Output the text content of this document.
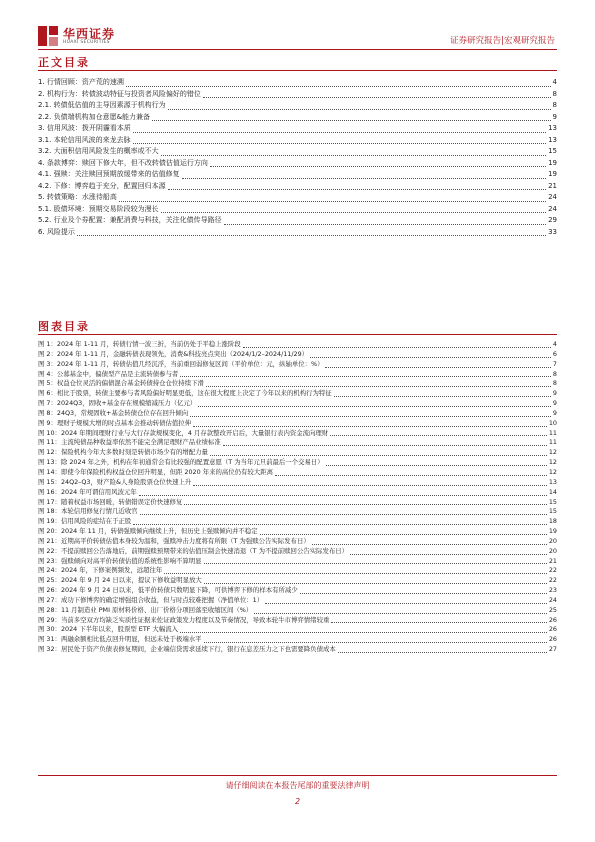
华西证券
HUAXI SECURITIES	证券研究报告|宏观研究报告
正文目录
1. 行情回顾：资产荒的速溯	4
2. 机构行为：转债波动特征与投资者风险偏好的错位	8
2.1. 转债低估值的主导因素源于机构行为	8
2.2. 负债端机构加仓意愿&能力兼备	9
3. 信用风波：拨开阴霾看本质	13
3.1. 本轮信用风波的来龙去脉	13
3.2. 大面积信用风险发生的概率或不大	15
4. 条款博弈：赎回下修大年，但不改转债估值运行方向	19
4.1. 强赎：关注赎回预期放缓带来的估值修复	19
4.2. 下修：博弈趋于充分，配置回归本源	21
5. 转债策略：水涨待船高	24
5.1. 股债环境：预期交易阶段较为漫长	24
5.2. 行业及个券配置：兼配消费与科技，关注化债传导路径	29
6. 风险提示	33
图表目录
图 1：2024 年 1-11 月，转债行情一波三折，当前仍处于平稳上涨阶段	4
图 2：2024 年 1-11 月，金融转债表现领先，消费&科技亮点突出（2024/1/2–2024/11/29）	6
图 3：2024 年 1-11 月，转债估值几经沉浮，当前重回弱修复区间（平价单位：元，纵轴单位：%）	7
图 4：公募基金中，偏债型产品是主流转债参与者	8
图 5：权益仓位灵活的偏债混合基金转债持仓仓位持续下滑	8
图 6：相比于股票，转债主要参与者风险偏好明显更低，这在很大程度上决定了今年以来的机构行为特征	9
图 7：2024Q3，固收+基金存在规模缩减压力（亿元）	9
图 8：24Q3，常规固收+基金转债仓位存在回升倾向	9
图 9：理财子规模大增的时点基本会推动转债估值拉伸	10
图 10：2024 年期间理财行业与大行存款规模变化，4 月存款整改开启后，大量银行表内资金流向理财	11
图 11：主流纯债品种收益率依然不能完全满足理财产品业绩标准	11
图 12：保险机构今年大多数时刻是转债市场少有的增配力量	12
图 13：除 2024 年之外，机构在年初通常会有比较强的配置意愿（T 为当年元旦前最后一个交易日）	12
图 14：即使今年保险机构权益仓位回升明显，但距 2020 年来的高位仍有较大距离	12
图 15：24Q2–Q3，财产险&人身险股票仓位快速上升	13
图 16：2024 年可谓信用风波元年	14
图 17：随着权益市场回暖，转债错误定价快速修复	15
图 18：本轮信用修复行情几近收官	15
图 19：信用风险的症结在于正股	18
图 20：2024 年 11 月，转债强赎倾向继续上升，但历史上强赎倾向并不稳定	19
图 21：近期高平价转债估值本身较为温和，强赎冲击力度将有所限（T 为强赎公告实际发布日）	20
图 22：不提前赎回公告落地后，前期强赎预期带来的估值压制会快速消退（T 为不提前赎回公告实际发布日）	20
图 23：强赎倾向对高平价转债估值的系统性影响不算明显	21
图 24：2024 年，下修案例频发，远超往年	22
图 25：2024 年 9 月 24 日以来，提议下修收益明显放大	22
图 26：2024 年 9 月 24 日以来，低平价转债只数明显下降，可供博弈下修的样本有所减少	23
图 27：成功下修博弈的确定增强组合收益，但与时点较难把握（净值单位：1）	24
图 28：11 月制造业 PMI 原材料价格、出厂价格分项回落至收缩区间（%）	25
图 29：当前多空双方均缺乏实质性证据来佐证政策发力程度以及节奏情况，导致本轮牛市博弈情绪较重	26
图 30：2024 下半年以来，股票型 ETF 大幅流入	26
图 31：两融余额相比低点回升明显，但远未处于极端水平	26
图 32：居民处于资产负债表修复期间，企业端信贷需求延续下行，银行在息差压力之下也需要降负债成本	27
请仔细阅读在本报告尾部的重要法律声明
2
